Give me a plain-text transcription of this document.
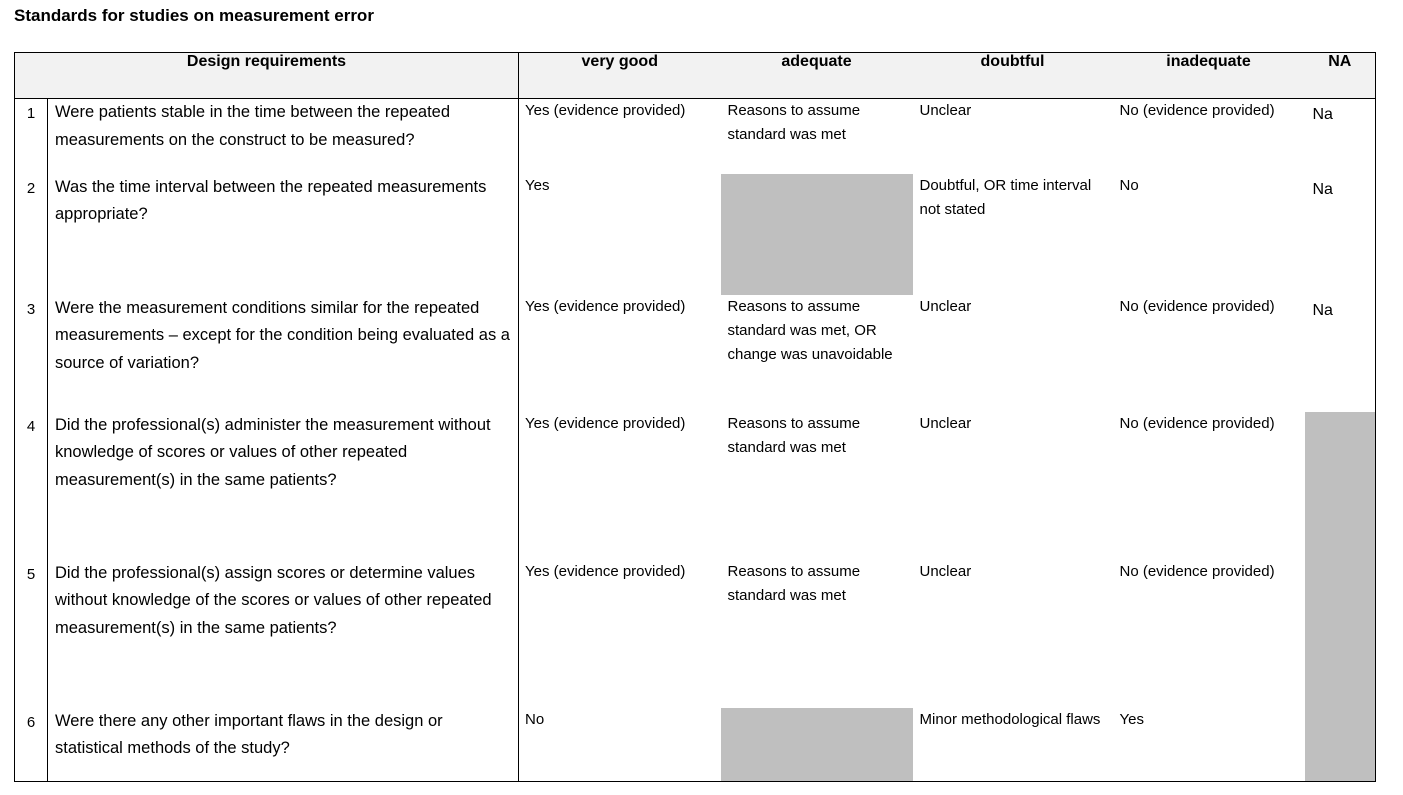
Standards for studies on measurement error
Design requirements		very good	adequate	doubtful	inadequate	NA
1	Were patients stable in the time between the repeated measurements on the construct to be measured?	Yes (evidence provided)	Reasons to assume standard was met	Unclear	No (evidence provided)	Na
2	Was the time interval between the repeated measurements appropriate?	Yes		Doubtful, OR time interval not stated	No	Na
3	Were the measurement conditions similar for the repeated measurements – except for the condition being evaluated as a source of variation?	Yes (evidence provided)	Reasons to assume standard was met, OR change was unavoidable	Unclear	No (evidence provided)	Na
4	Did the professional(s) administer the measurement without knowledge of scores or values of other repeated measurement(s) in the same patients?	Yes (evidence provided)	Reasons to assume standard was met	Unclear	No (evidence provided)	
5	Did the professional(s) assign scores or determine values without knowledge of the scores or values of other repeated measurement(s) in the same patients?	Yes (evidence provided)	Reasons to assume standard was met	Unclear	No (evidence provided)	
6	Were there any other important flaws in the design or statistical methods of the study?	No		Minor methodological flaws	Yes	
